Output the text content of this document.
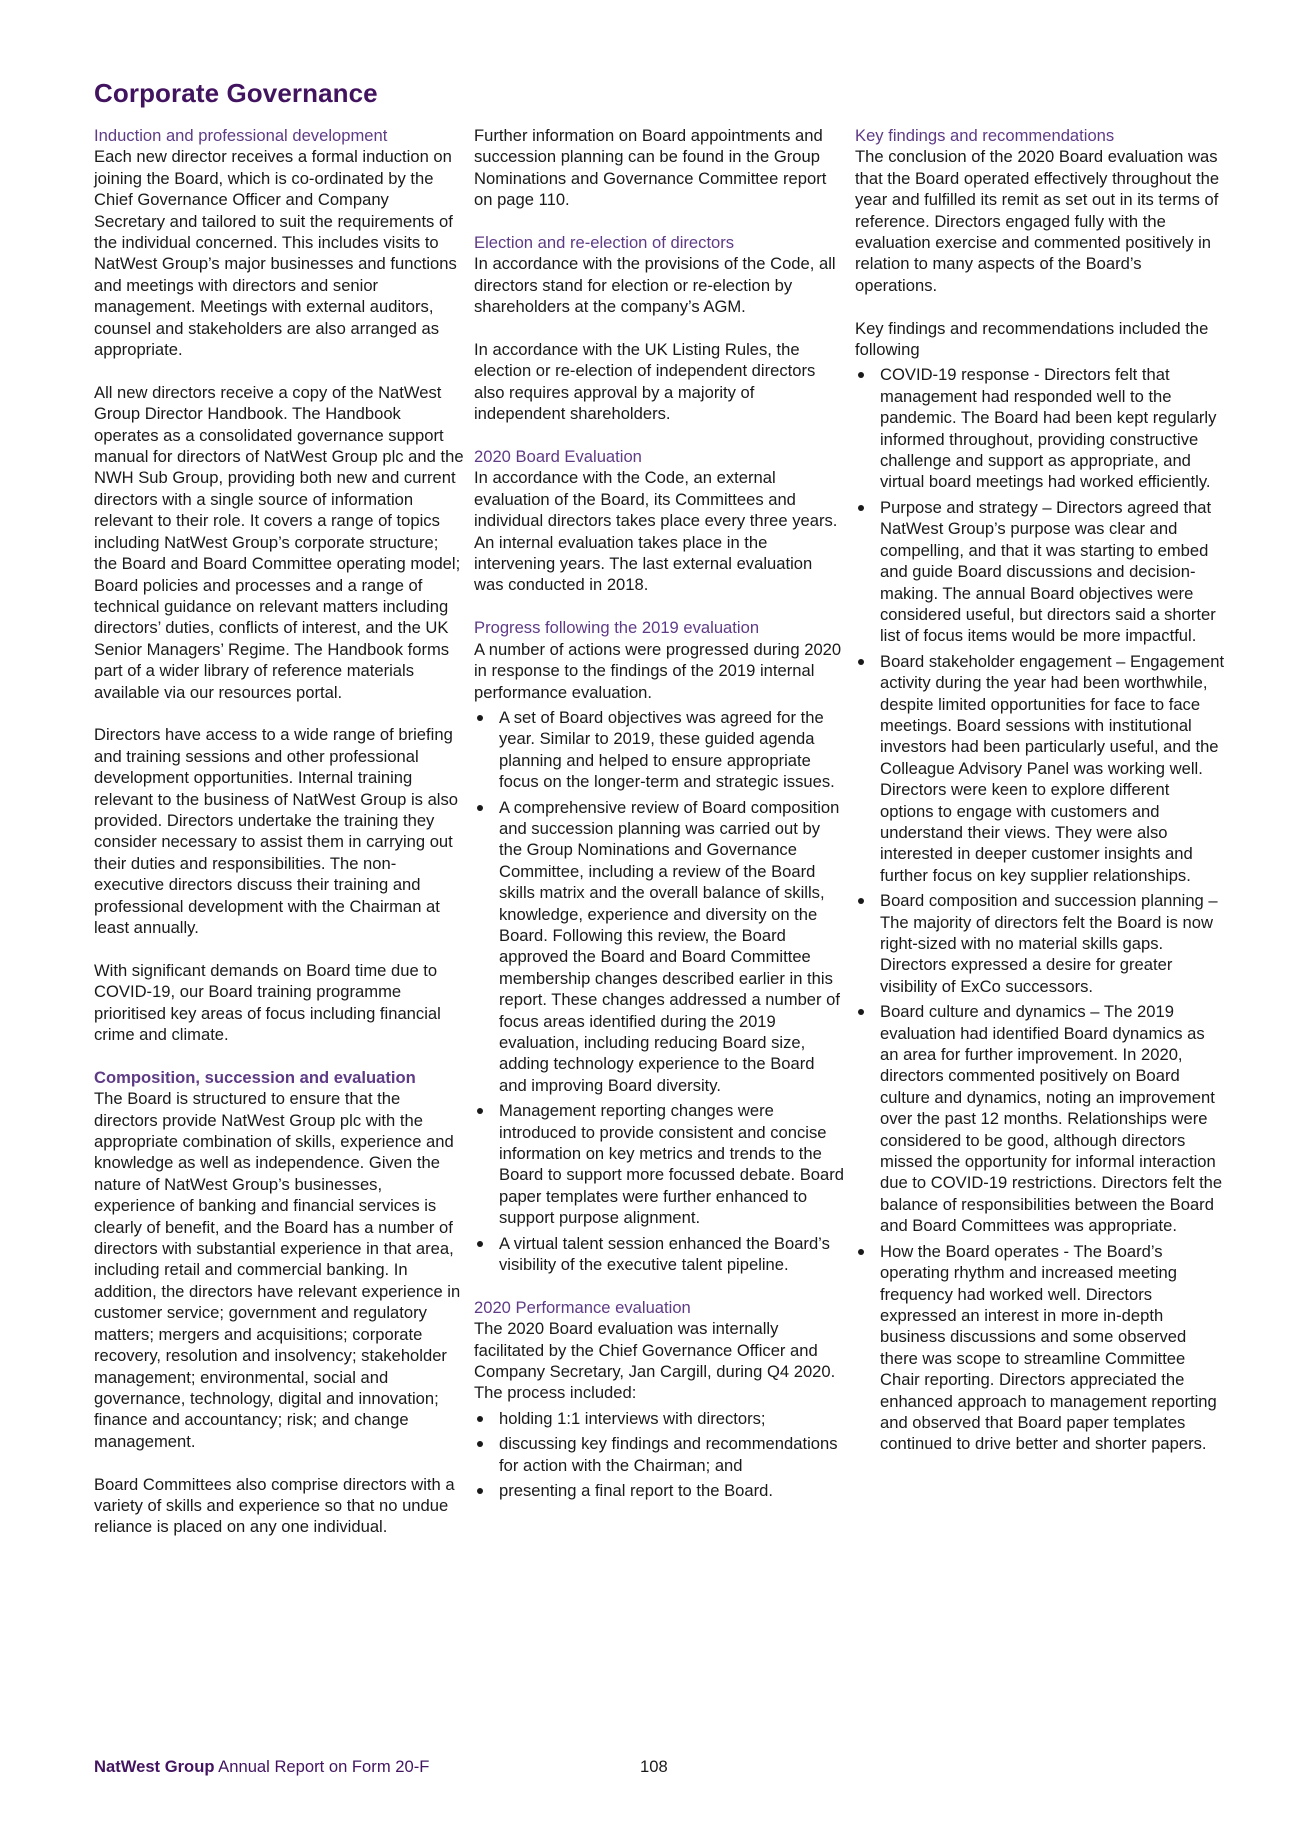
Corporate Governance

Induction and professional development

Each new director receives a formal induction on joining the Board, which is co-ordinated by the Chief Governance Officer and Company Secretary and tailored to suit the requirements of the individual concerned. This includes visits to NatWest Group’s major businesses and functions and meetings with directors and senior management. Meetings with external auditors, counsel and stakeholders are also arranged as appropriate.

All new directors receive a copy of the NatWest Group Director Handbook. The Handbook operates as a consolidated governance support manual for directors of NatWest Group plc and the NWH Sub Group, providing both new and current directors with a single source of information relevant to their role. It covers a range of topics including NatWest Group’s corporate structure; the Board and Board Committee operating model; Board policies and processes and a range of technical guidance on relevant matters including directors’ duties, conflicts of interest, and the UK Senior Managers’ Regime. The Handbook forms part of a wider library of reference materials available via our resources portal.

Directors have access to a wide range of briefing and training sessions and other professional development opportunities. Internal training relevant to the business of NatWest Group is also provided. Directors undertake the training they consider necessary to assist them in carrying out their duties and responsibilities. The non-executive directors discuss their training and professional development with the Chairman at least annually.

With significant demands on Board time due to COVID-19, our Board training programme prioritised key areas of focus including financial crime and climate.

Composition, succession and evaluation

The Board is structured to ensure that the directors provide NatWest Group plc with the appropriate combination of skills, experience and knowledge as well as independence. Given the nature of NatWest Group’s businesses, experience of banking and financial services is clearly of benefit, and the Board has a number of directors with substantial experience in that area, including retail and commercial banking. In addition, the directors have relevant experience in customer service; government and regulatory matters; mergers and acquisitions; corporate recovery, resolution and insolvency; stakeholder management; environmental, social and governance, technology, digital and innovation; finance and accountancy; risk; and change management.

Board Committees also comprise directors with a variety of skills and experience so that no undue reliance is placed on any one individual.

Further information on Board appointments and succession planning can be found in the Group Nominations and Governance Committee report on page 110.

Election and re-election of directors

In accordance with the provisions of the Code, all directors stand for election or re-election by shareholders at the company’s AGM.

In accordance with the UK Listing Rules, the election or re-election of independent directors also requires approval by a majority of independent shareholders.

2020 Board Evaluation

In accordance with the Code, an external evaluation of the Board, its Committees and individual directors takes place every three years. An internal evaluation takes place in the intervening years. The last external evaluation was conducted in 2018.

Progress following the 2019 evaluation

A number of actions were progressed during 2020 in response to the findings of the 2019 internal performance evaluation.

A set of Board objectives was agreed for the year. Similar to 2019, these guided agenda planning and helped to ensure appropriate focus on the longer-term and strategic issues.
A comprehensive review of Board composition and succession planning was carried out by the Group Nominations and Governance Committee, including a review of the Board skills matrix and the overall balance of skills, knowledge, experience and diversity on the Board. Following this review, the Board approved the Board and Board Committee membership changes described earlier in this report. These changes addressed a number of focus areas identified during the 2019 evaluation, including reducing Board size, adding technology experience to the Board and improving Board diversity.
Management reporting changes were introduced to provide consistent and concise information on key metrics and trends to the Board to support more focussed debate. Board paper templates were further enhanced to support purpose alignment.
A virtual talent session enhanced the Board’s visibility of the executive talent pipeline.

2020 Performance evaluation

The 2020 Board evaluation was internally facilitated by the Chief Governance Officer and Company Secretary, Jan Cargill, during Q4 2020. The process included:

holding 1:1 interviews with directors;
discussing key findings and recommendations for action with the Chairman; and
presenting a final report to the Board.

Key findings and recommendations

The conclusion of the 2020 Board evaluation was that the Board operated effectively throughout the year and fulfilled its remit as set out in its terms of reference. Directors engaged fully with the evaluation exercise and commented positively in relation to many aspects of the Board’s operations.

Key findings and recommendations included the following

COVID-19 response - Directors felt that management had responded well to the pandemic. The Board had been kept regularly informed throughout, providing constructive challenge and support as appropriate, and virtual board meetings had worked efficiently.
Purpose and strategy – Directors agreed that NatWest Group’s purpose was clear and compelling, and that it was starting to embed and guide Board discussions and decision-making. The annual Board objectives were considered useful, but directors said a shorter list of focus items would be more impactful.
Board stakeholder engagement – Engagement activity during the year had been worthwhile, despite limited opportunities for face to face meetings. Board sessions with institutional investors had been particularly useful, and the Colleague Advisory Panel was working well. Directors were keen to explore different options to engage with customers and understand their views. They were also interested in deeper customer insights and further focus on key supplier relationships.
Board composition and succession planning – The majority of directors felt the Board is now right-sized with no material skills gaps. Directors expressed a desire for greater visibility of ExCo successors.
Board culture and dynamics – The 2019 evaluation had identified Board dynamics as an area for further improvement. In 2020, directors commented positively on Board culture and dynamics, noting an improvement over the past 12 months. Relationships were considered to be good, although directors missed the opportunity for informal interaction due to COVID-19 restrictions. Directors felt the balance of responsibilities between the Board and Board Committees was appropriate.
How the Board operates - The Board’s operating rhythm and increased meeting frequency had worked well. Directors expressed an interest in more in-depth business discussions and some observed there was scope to streamline Committee Chair reporting. Directors appreciated the enhanced approach to management reporting and observed that Board paper templates continued to drive better and shorter papers.
NatWest Group Annual Report on Form 20-F	108
